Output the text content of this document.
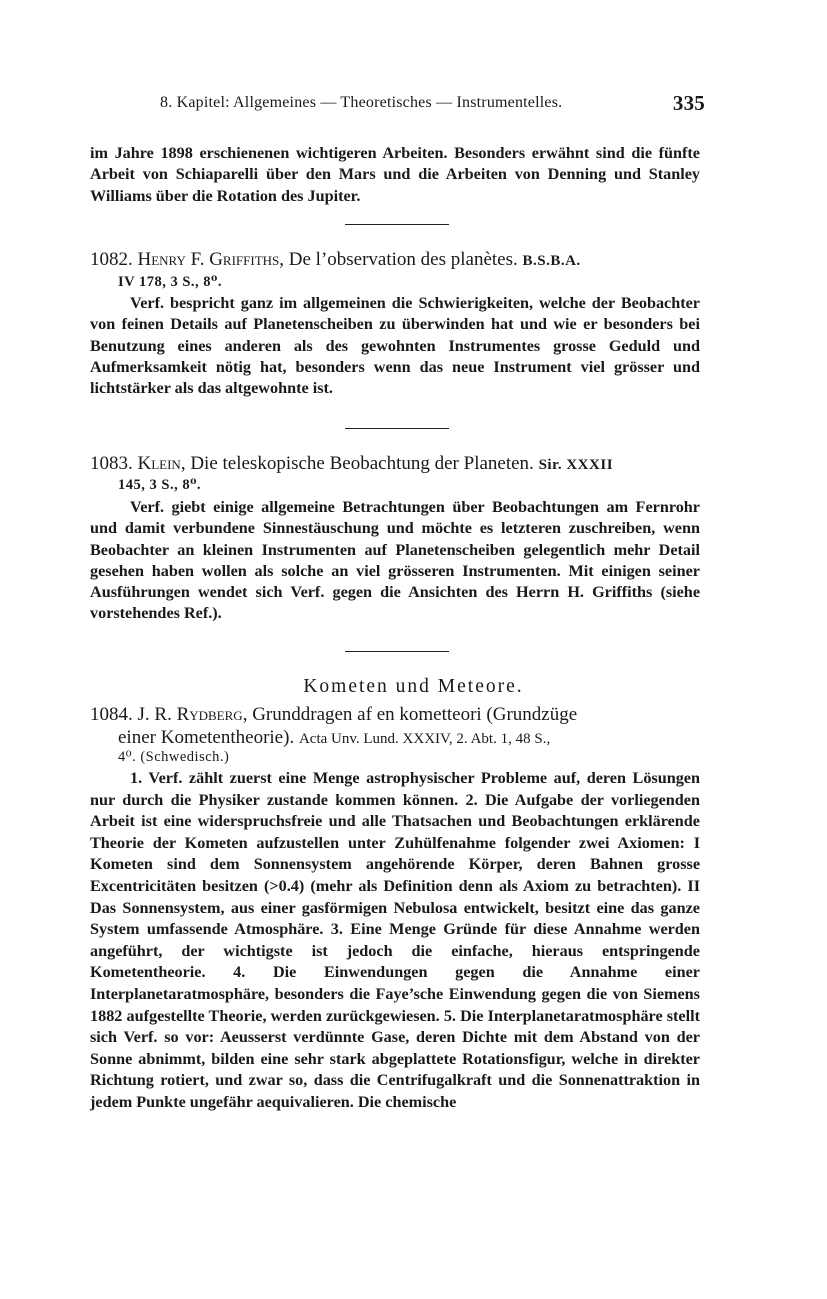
8. Kapitel: Allgemeines — Theoretisches — Instrumentelles.	335
im Jahre 1898 erschienenen wichtigeren Arbeiten. Besonders erwähnt sind die fünfte Arbeit von Schiaparelli über den Mars und die Arbeiten von Denning und Stanley Williams über die Rotation des Jupiter.
1082. Henry F. Griffiths, De l’observation des planètes. B.S.B.A.
IV 178, 3 S., 8⁰.
Verf. bespricht ganz im allgemeinen die Schwierigkeiten, welche der Beobachter von feinen Details auf Planetenscheiben zu überwinden hat und wie er besonders bei Benutzung eines anderen als des gewohnten Instrumentes grosse Geduld und Aufmerksamkeit nötig hat, besonders wenn das neue Instrument viel grösser und lichtstärker als das altgewohnte ist.
1083. Klein, Die teleskopische Beobachtung der Planeten. Sir. XXXII
145, 3 S., 8⁰.
Verf. giebt einige allgemeine Betrachtungen über Beobachtungen am Fernrohr und damit verbundene Sinnestäuschung und möchte es letzteren zuschreiben, wenn Beobachter an kleinen Instrumenten auf Planetenscheiben gelegentlich mehr Detail gesehen haben wollen als solche an viel grösseren Instrumenten. Mit einigen seiner Ausführungen wendet sich Verf. gegen die Ansichten des Herrn H. Griffiths (siehe vorstehendes Ref.).
Kometen und Meteore.
1084. J. R. Rydberg, Grunddragen af en kometteori (Grundzüge
einer Kometentheorie). Acta Unv. Lund. XXXIV, 2. Abt. 1, 48 S.,
4⁰. (Schwedisch.)
1. Verf. zählt zuerst eine Menge astrophysischer Probleme auf, deren Lösungen nur durch die Physiker zustande kommen können. 2. Die Aufgabe der vorliegenden Arbeit ist eine widerspruchsfreie und alle Thatsachen und Beobachtungen erklärende Theorie der Kometen aufzustellen unter Zuhülfenahme folgender zwei Axiomen: I Kometen sind dem Sonnensystem angehörende Körper, deren Bahnen grosse Excentricitäten besitzen (>0.4) (mehr als Definition denn als Axiom zu betrachten). II Das Sonnensystem, aus einer gasförmigen Nebulosa entwickelt, besitzt eine das ganze System umfassende Atmosphäre. 3. Eine Menge Gründe für diese Annahme werden angeführt, der wichtigste ist jedoch die einfache, hieraus entspringende Kometentheorie. 4. Die Einwendungen gegen die Annahme einer Interplanetaratmosphäre, besonders die Faye’sche Einwendung gegen die von Siemens 1882 aufgestellte Theorie, werden zurückgewiesen. 5. Die Interplanetaratmosphäre stellt sich Verf. so vor: Aeusserst verdünnte Gase, deren Dichte mit dem Abstand von der Sonne abnimmt, bilden eine sehr stark abgeplattete Rotationsfigur, welche in direkter Richtung rotiert, und zwar so, dass die Centrifugalkraft und die Sonnenattraktion in jedem Punkte ungefähr aequivalieren. Die chemische
